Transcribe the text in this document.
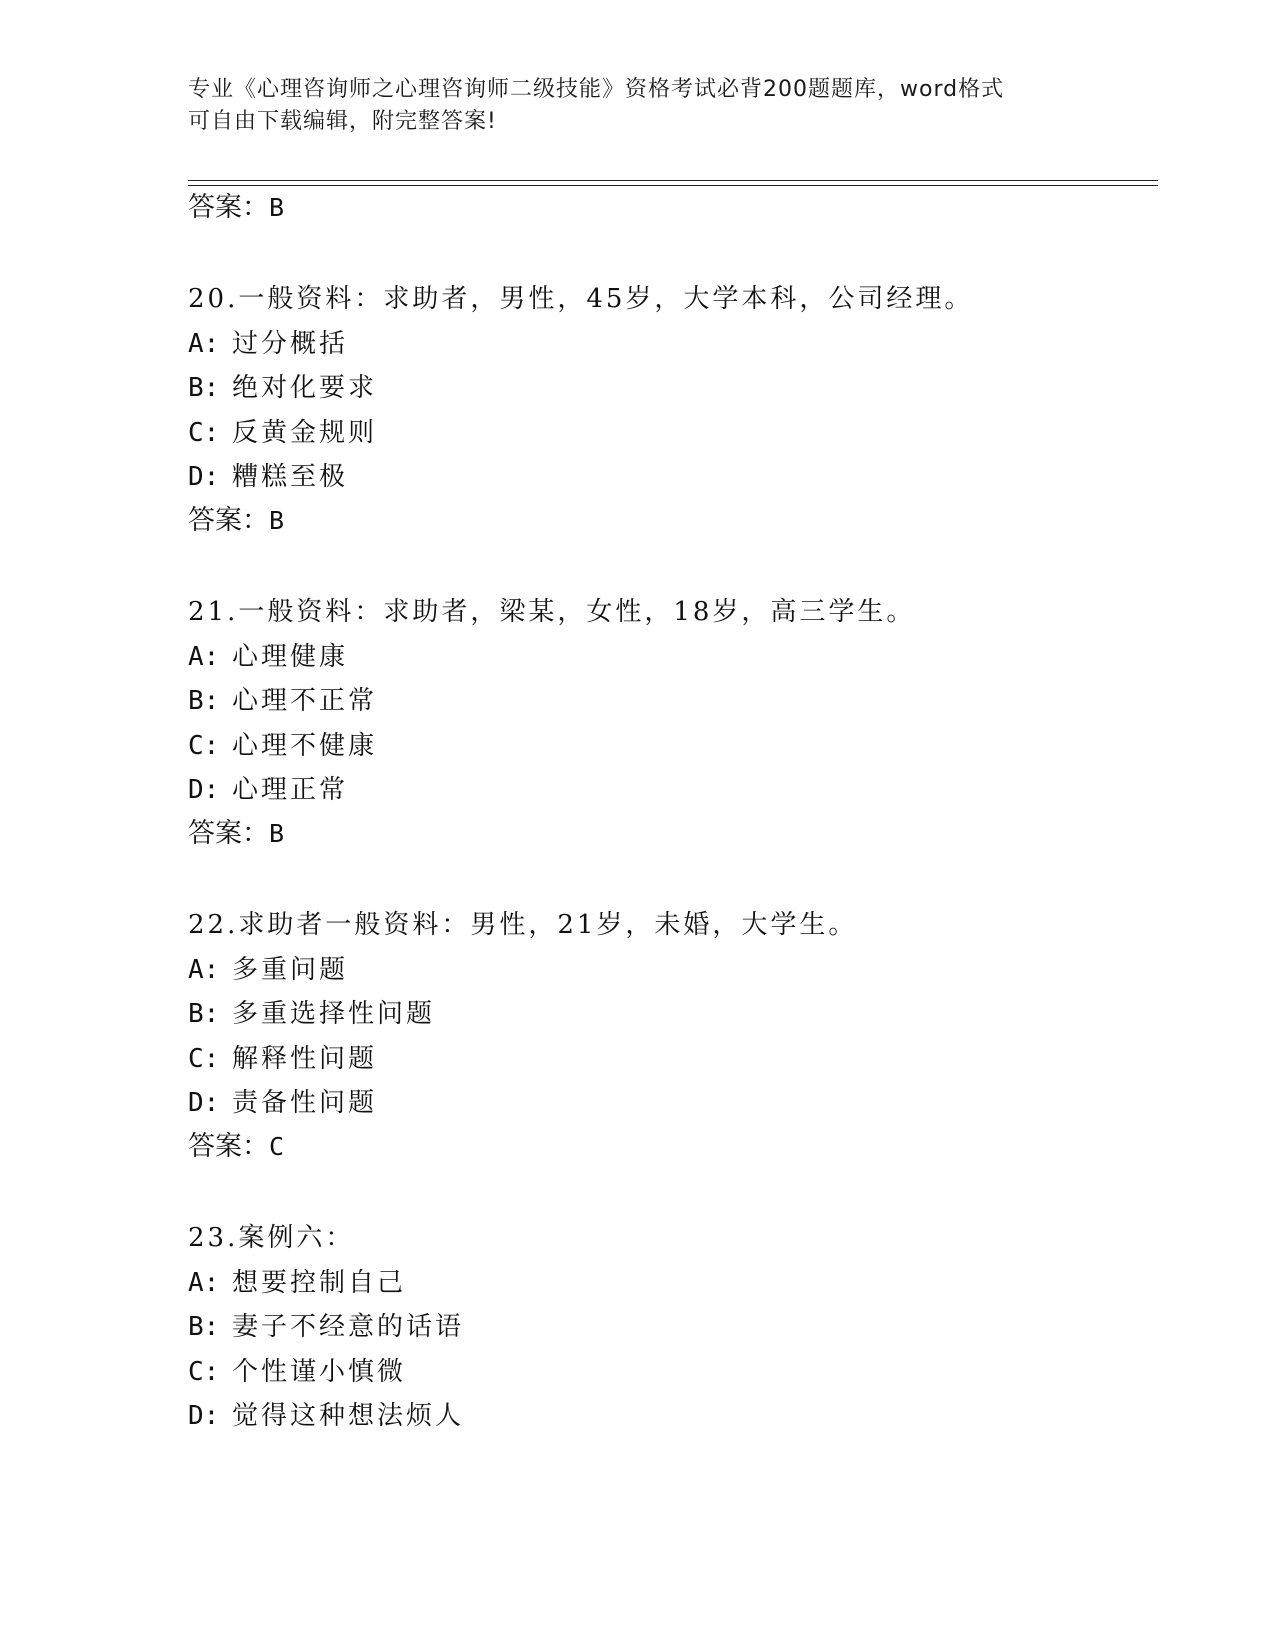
专业《心理咨询师之心理咨询师二级技能》资格考试必背200题题库，word格式
可自由下载编辑，附完整答案!
答案：B
20.一般资料：求助者，男性，45岁，大学本科，公司经理。
A: 过分概括
B: 绝对化要求
C: 反黄金规则
D: 糟糕至极
答案：B
21.一般资料：求助者，梁某，女性，18岁，高三学生。
A: 心理健康
B: 心理不正常
C: 心理不健康
D: 心理正常
答案：B
22.求助者一般资料：男性，21岁，未婚，大学生。
A: 多重问题
B: 多重选择性问题
C: 解释性问题
D: 责备性问题
答案：C
23.案例六：
A: 想要控制自己
B: 妻子不经意的话语
C: 个性谨小慎微
D: 觉得这种想法烦人
